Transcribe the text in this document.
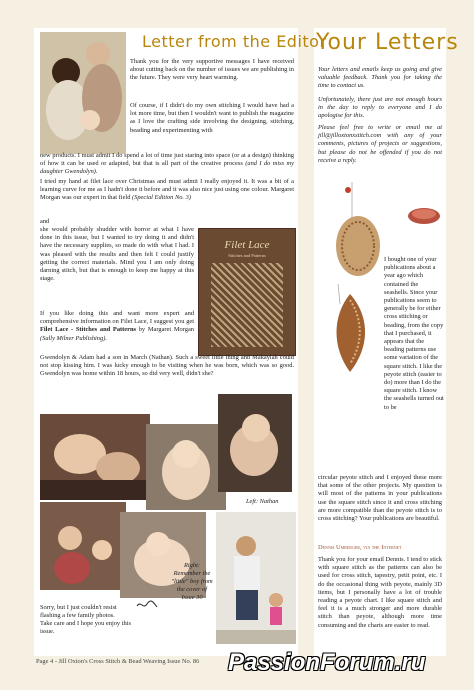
Letter from the Editor
Thank you for the very supportive messages I have received about cutting back on the number of issues we are publishing in the future. They were very heart warming.
Of course, if I didn't do my own stitching I would have had a lot more time, but then I wouldn't want to publish the magazine as I love the crafting side involving the designing, stitching, beading and experimenting with
new products. I must admit I do spend a lot of time just staring into space (or at a design) thinking of how it can be used or adapted, but that is all part of the creative process (and I do miss my daughter Gwendolyn).
I tried my hand at filet lace over Christmas and must admit I really enjoyed it. It was a bit of a learning curve for me as I hadn't done it before and it was also nice just using one colour. Margaret Morgan was our expert in that field (Special Edition No. 3)
and
she would probably shudder with horror at what I have done in this issue, but I wanted to try doing it and didn't have the necessary supplies, so made do with what I had. I was pleased with the results and then felt I could justify getting the correct materials. Mind you I am only doing darning stitch, but that is enough to keep me happy at this stage.
Filet Lace
Stitches and Patterns
If you like doing this and want more expert and comprehensive information on Filet Lace, I suggest you get Filet Lace - Stitches and Patterns by Margaret Morgan (Sally Milner Publishing).
Gwendolyn & Adam had a son in March (Nathan). Such a sweet little thing and Makaylah could not stop kissing him. I was lucky enough to be visiting when he was born, which was so good. Gwendolyn was home within 18 hours, so did very well, didn't she?
Left: Nathan
Right: Remember the "little" boy from the cover of Issue 30
Sorry, but I just couldn't resist flashing a few family photos.
Take care and I hope you enjoy this issue.
Your Letters
Your letters and emails keep us going and give valuable feedback. Thank you for taking the time to contact us.
Unfortunately, there just are not enough hours in the day to reply to everyone and I do apologise for this.
Please feel free to write or email me at jill@jilloxtonxstitch.com with any of your comments, pictures of projects or suggestions, but please do not be offended if you do not receive a reply.
I bought one of your publications about a year ago which contained the seashells. Since your publications seem to generally be for either cross stitching or beading, from the copy that I purchased, it appears that the beading patterns use some variation of the square stitch. I like the peyote stitch (easier to do) more than I do the square stitch. I know the seashells turned out to be
Dennis Umberger, via the Internet
Thank you for your email Dennis. I tend to stick with square stitch as the patterns can also be used for cross stitch, tapestry, petit point, etc. I do the occasional thing with peyote, mainly 3D items, but I personally have a lot of trouble reading a peyote chart. I like square stitch and feel it is a much stronger and more durable stitch than peyote, although more time consuming and the charts are easier to read.
Page 4 - Jill Oxton's Cross Stitch & Bead Weaving Issue No. 86 PassionForum.ru
circular peyote stitch and I enjoyed these more that some of the other projects. My question is will most of the patterns in your publications use the square stitch since it and cross stitching are more compatible than the peyote stitch is to cross stitching? Your publications are beautiful.
